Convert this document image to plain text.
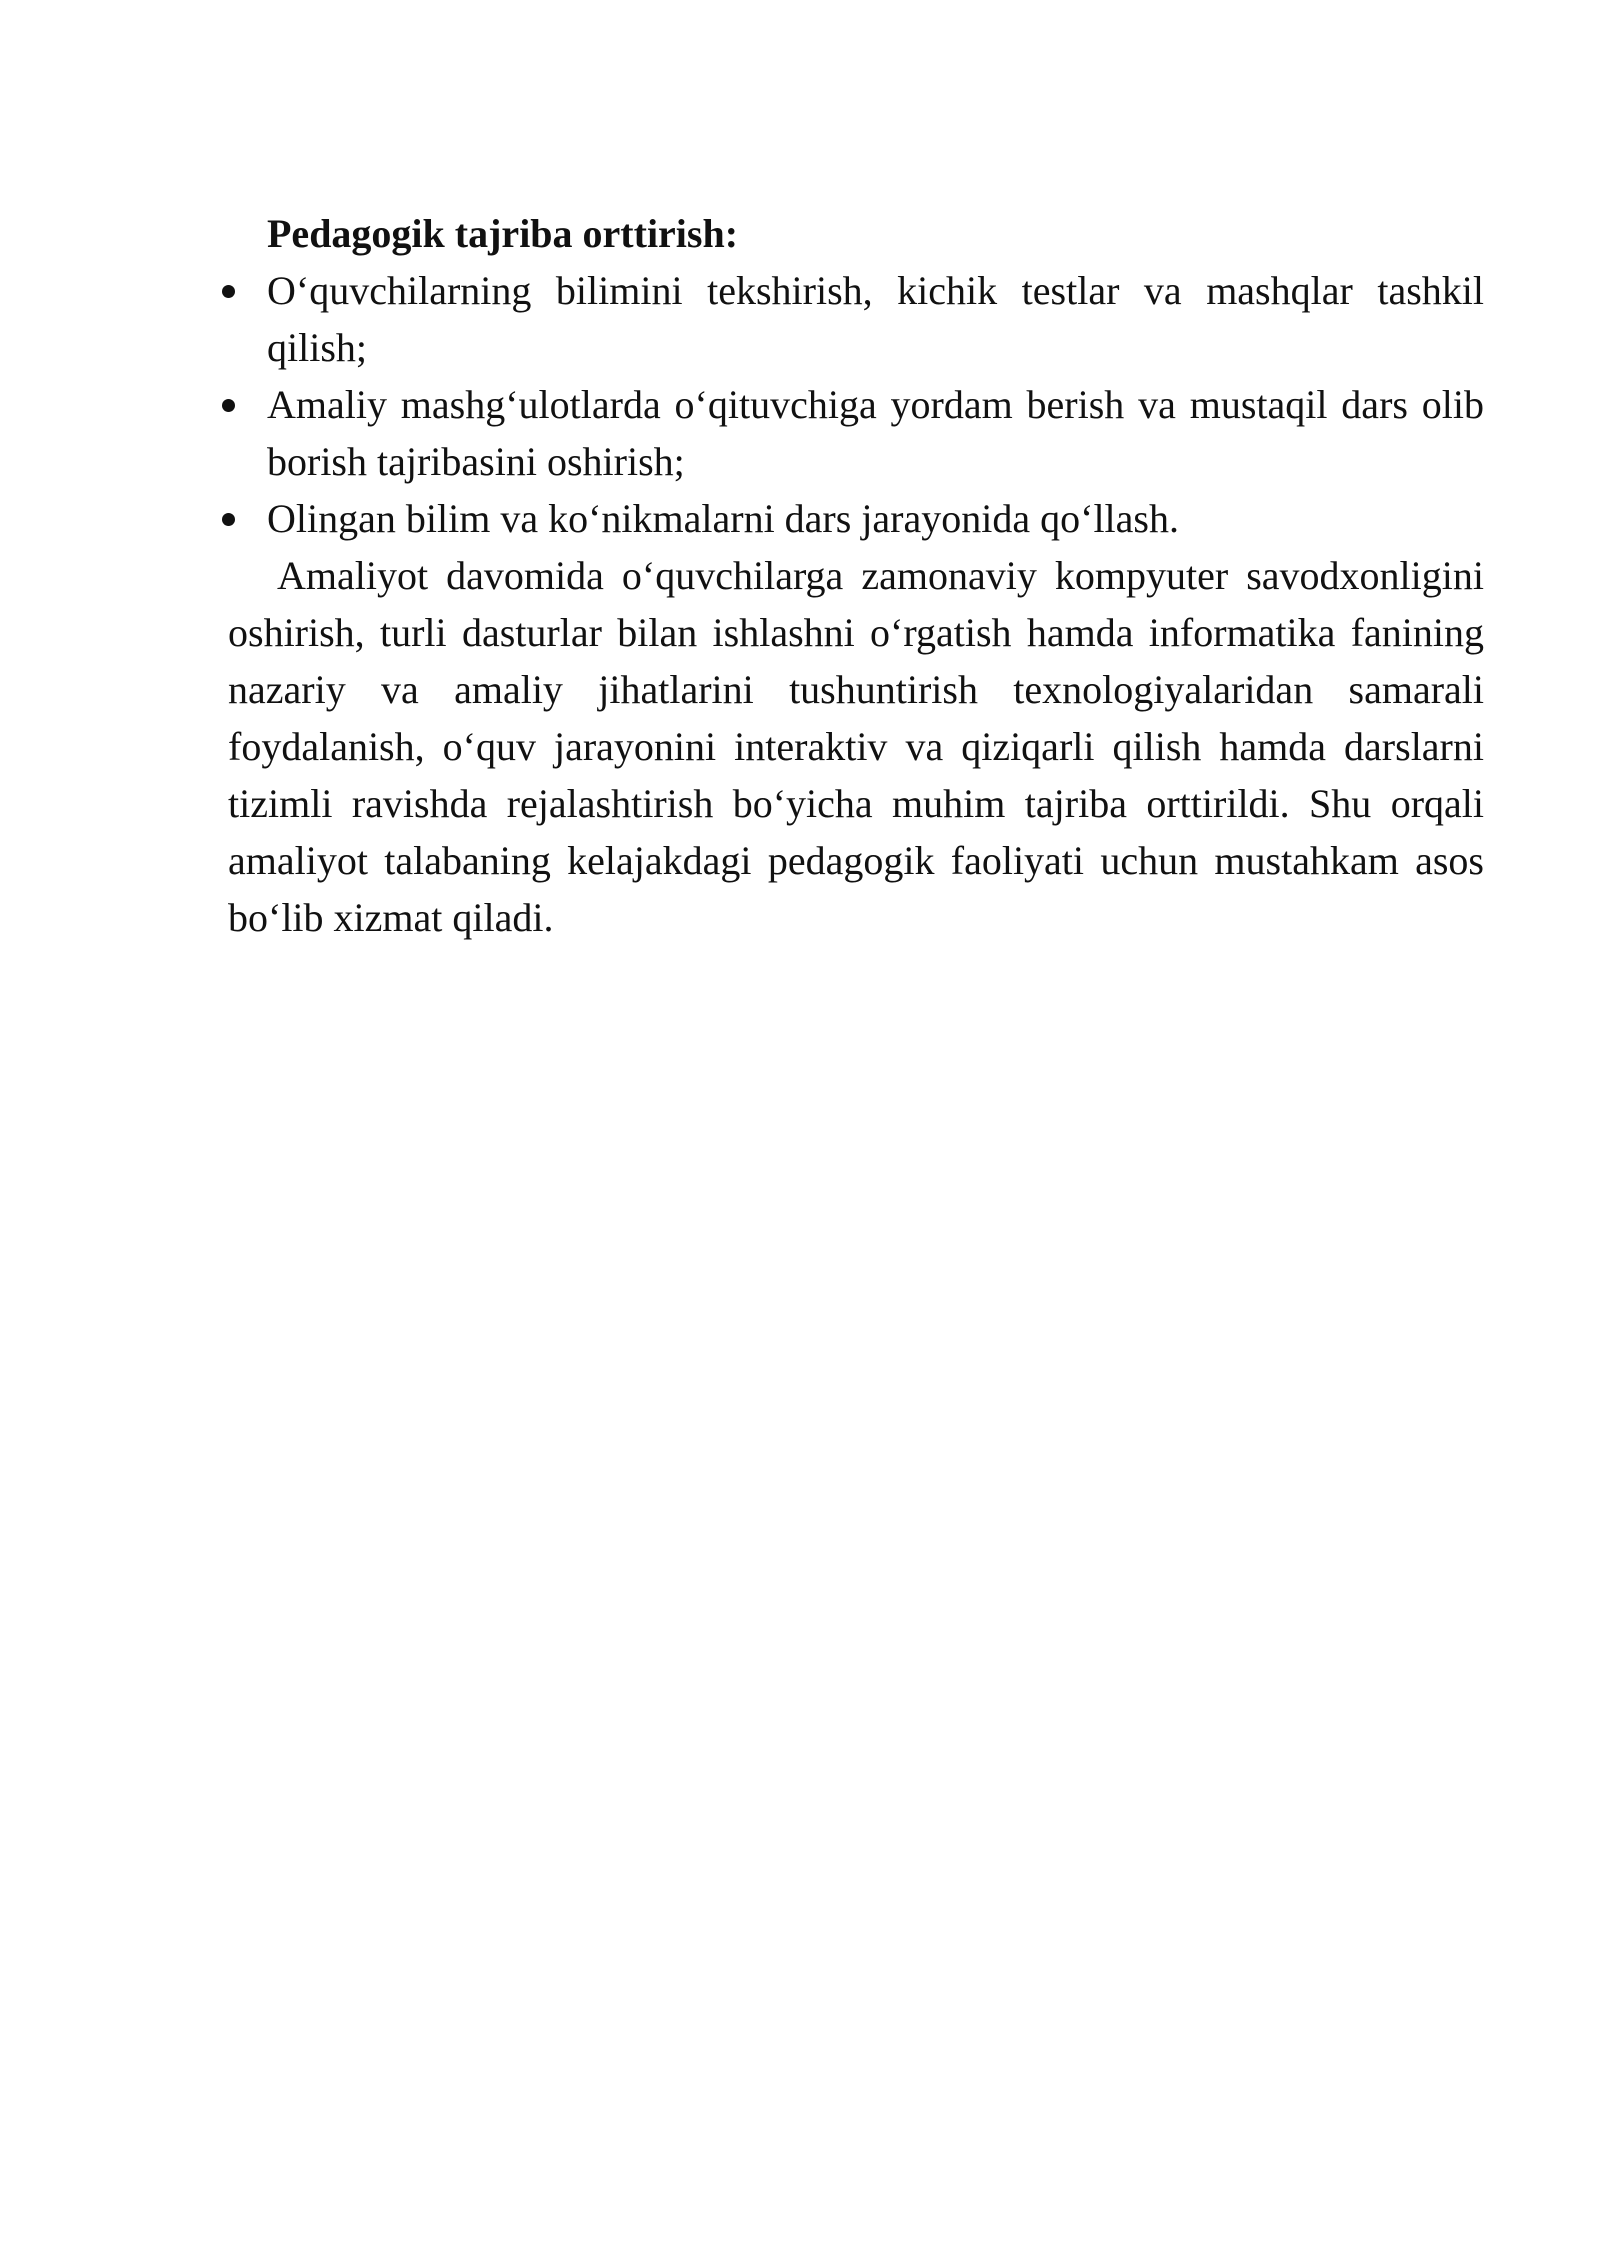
Pedagogik tajriba orttirish:

O‘quvchilarning bilimini tekshirish, kichik testlar va mashqlar tashkil qilish;
Amaliy mashg‘ulotlarda o‘qituvchiga yordam berish va mustaqil dars olib borish tajribasini oshirish;
Olingan bilim va ko‘nikmalarni dars jarayonida qo‘llash.

Amaliyot davomida o‘quvchilarga zamonaviy kompyuter savodxonligini oshirish, turli dasturlar bilan ishlashni o‘rgatish hamda informatika fanining nazariy va amaliy jihatlarini tushuntirish texnologiyalaridan samarali foydalanish, o‘quv jarayonini interaktiv va qiziqarli qilish hamda darslarni tizimli ravishda rejalashtirish bo‘yicha muhim tajriba orttirildi. Shu orqali amaliyot talabaning kelajakdagi pedagogik faoliyati uchun mustahkam asos bo‘lib xizmat qiladi.
